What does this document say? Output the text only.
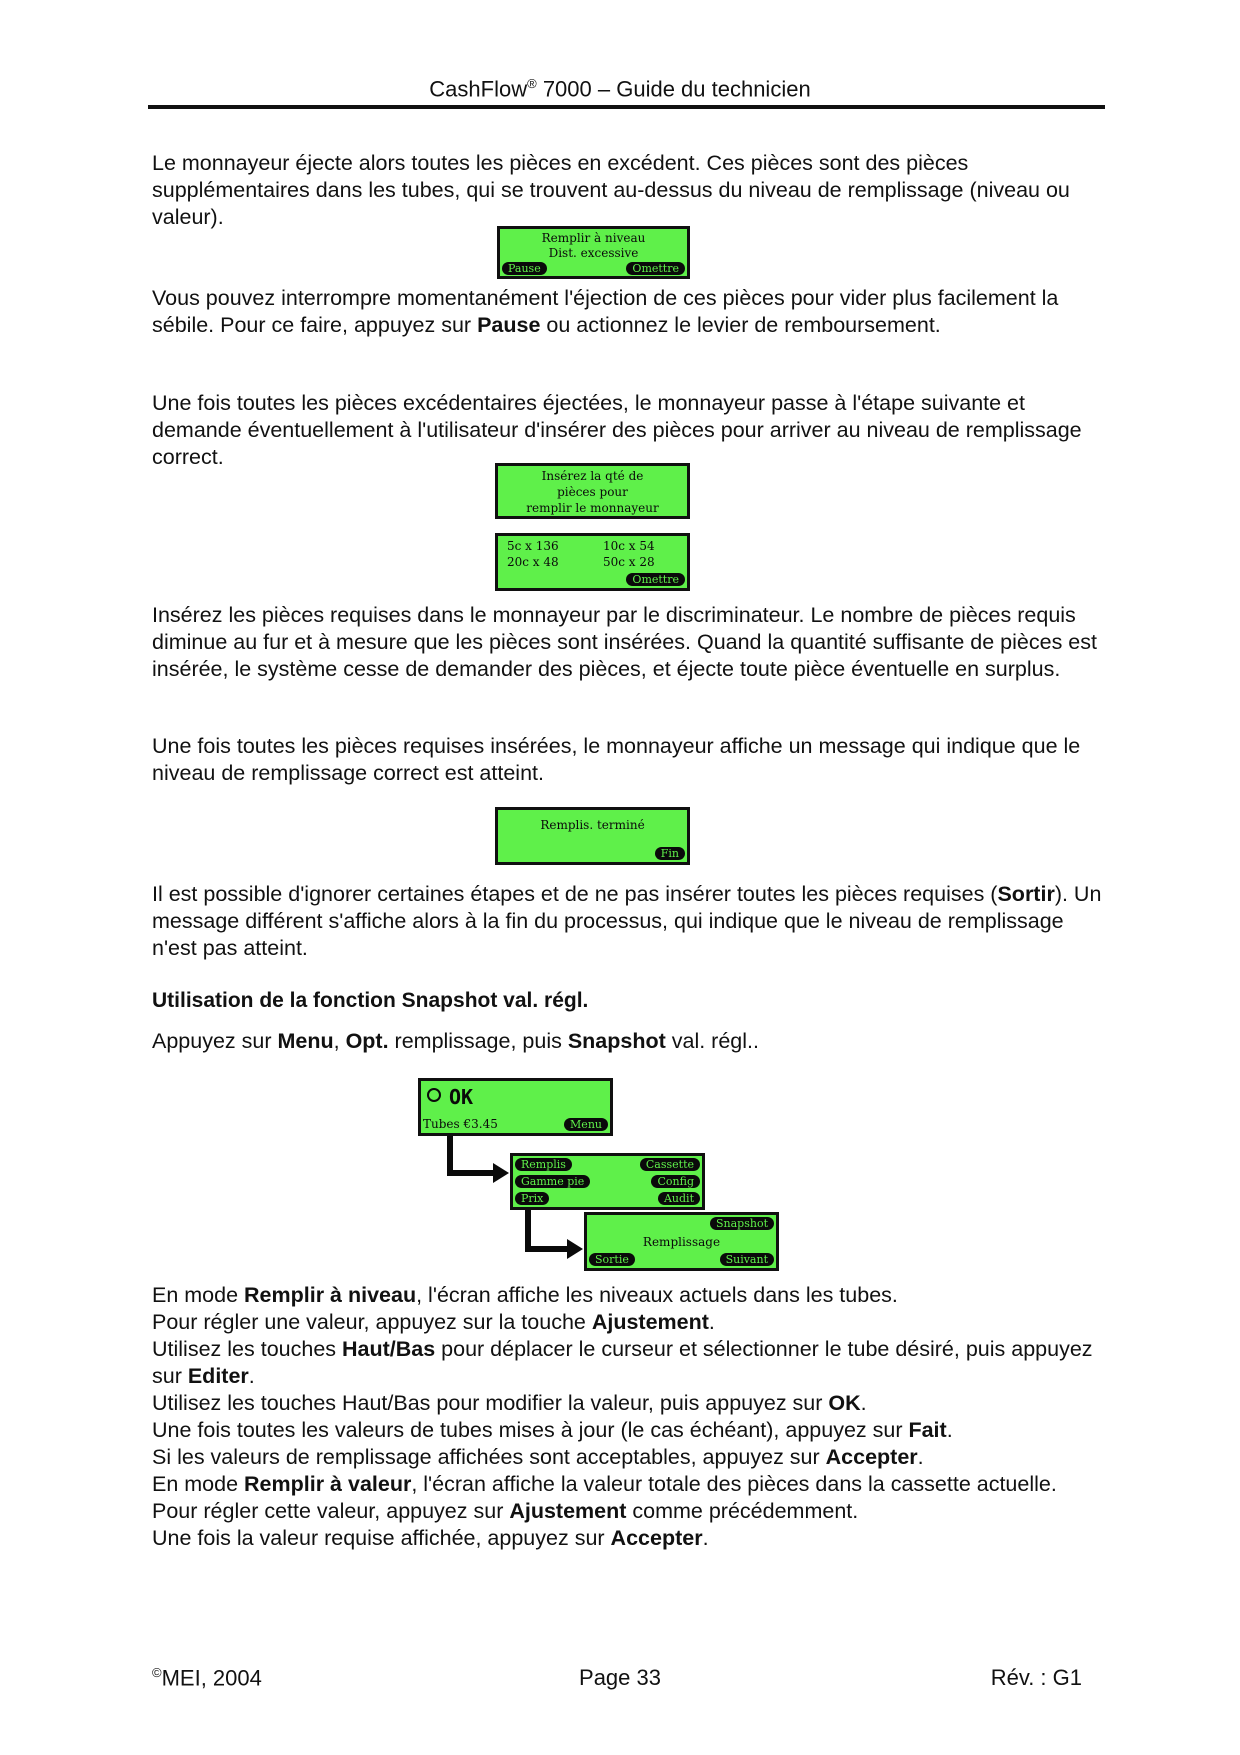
CashFlow® 7000 – Guide du technicien

Le monnayeur éjecte alors toutes les pièces en excédent. Ces pièces sont des pièces supplémentaires dans les tubes, qui se trouvent au-dessus du niveau de remplissage (niveau ou valeur).

Remplir à niveau
Dist. excessive
Pause	Omettre

Vous pouvez interrompre momentanément l'éjection de ces pièces pour vider plus facilement la sébile. Pour ce faire, appuyez sur Pause ou actionnez le levier de remboursement.

Une fois toutes les pièces excédentaires éjectées, le monnayeur passe à l'étape suivante et demande éventuellement à l'utilisateur d'insérer des pièces pour arriver au niveau de remplissage correct.

Insérez la qté de
pièces pour
remplir le monnayeur
5c x 136	10c x 54
20c x 48	50c x 28
Omettre

Insérez les pièces requises dans le monnayeur par le discriminateur. Le nombre de pièces requis diminue au fur et à mesure que les pièces sont insérées. Quand la quantité suffisante de pièces est insérée, le système cesse de demander des pièces, et éjecte toute pièce éventuelle en surplus.

Une fois toutes les pièces requises insérées, le monnayeur affiche un message qui indique que le niveau de remplissage correct est atteint.

Remplis. terminé
Fin

Il est possible d'ignorer certaines étapes et de ne pas insérer toutes les pièces requises (Sortir). Un message différent s'affiche alors à la fin du processus, qui indique que le niveau de remplissage n'est pas atteint.

Utilisation de la fonction Snapshot val. régl.

Appuyez sur Menu, Opt. remplissage, puis Snapshot val. régl..

OK
Tubes €3.45	Menu
Remplis	Cassette
Gamme pie	Config
Prix	Audit
Snapshot
Remplissage
Sortie	Suivant

En mode Remplir à niveau, l'écran affiche les niveaux actuels dans les tubes.
Pour régler une valeur, appuyez sur la touche Ajustement.
Utilisez les touches Haut/Bas pour déplacer le curseur et sélectionner le tube désiré, puis appuyez sur Editer.
Utilisez les touches Haut/Bas pour modifier la valeur, puis appuyez sur OK.
Une fois toutes les valeurs de tubes mises à jour (le cas échéant), appuyez sur Fait.
Si les valeurs de remplissage affichées sont acceptables, appuyez sur Accepter.
En mode Remplir à valeur, l'écran affiche la valeur totale des pièces dans la cassette actuelle.
Pour régler cette valeur, appuyez sur Ajustement comme précédemment.
Une fois la valeur requise affichée, appuyez sur Accepter.

©MEI, 2004	Page 33	Rév. : G1
